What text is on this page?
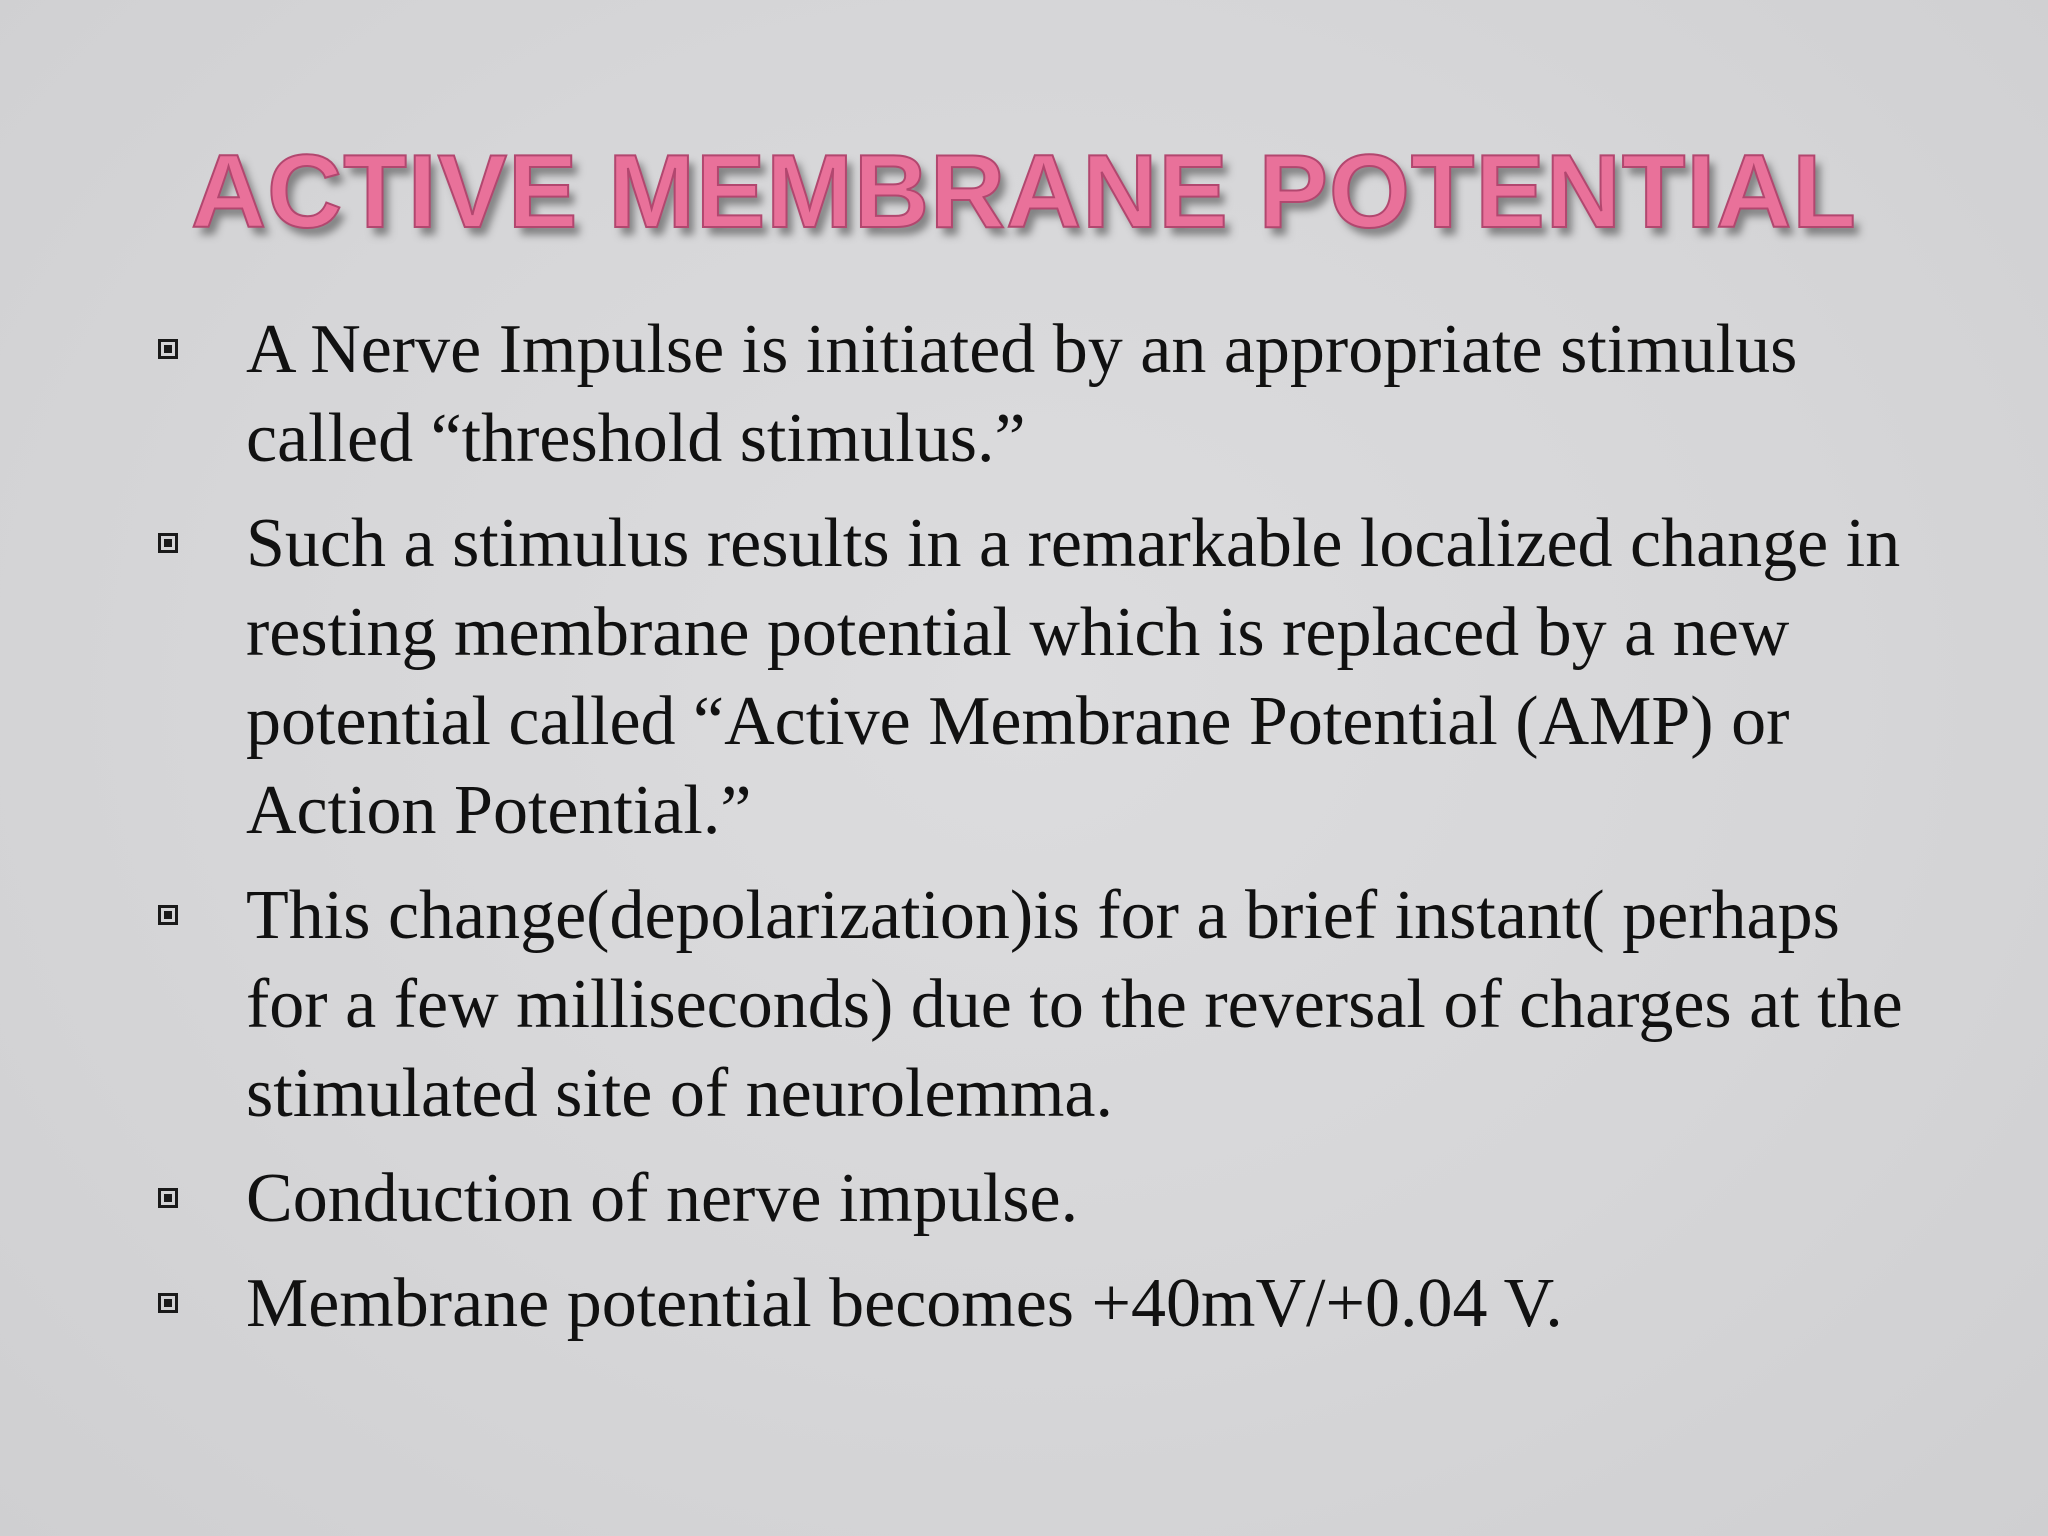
ACTIVE MEMBRANE POTENTIAL
A Nerve Impulse is initiated by an appropriate stimulus called “threshold stimulus.”
Such a stimulus results in a remarkable localized change in resting membrane potential which is replaced by a new potential called “Active Membrane Potential (AMP) or Action Potential.”
This change(depolarization)is for a brief instant( perhaps for a few milliseconds) due to the reversal of charges at the stimulated site of neurolemma.
Conduction of nerve impulse.
Membrane potential becomes +40mV/+0.04 V.
